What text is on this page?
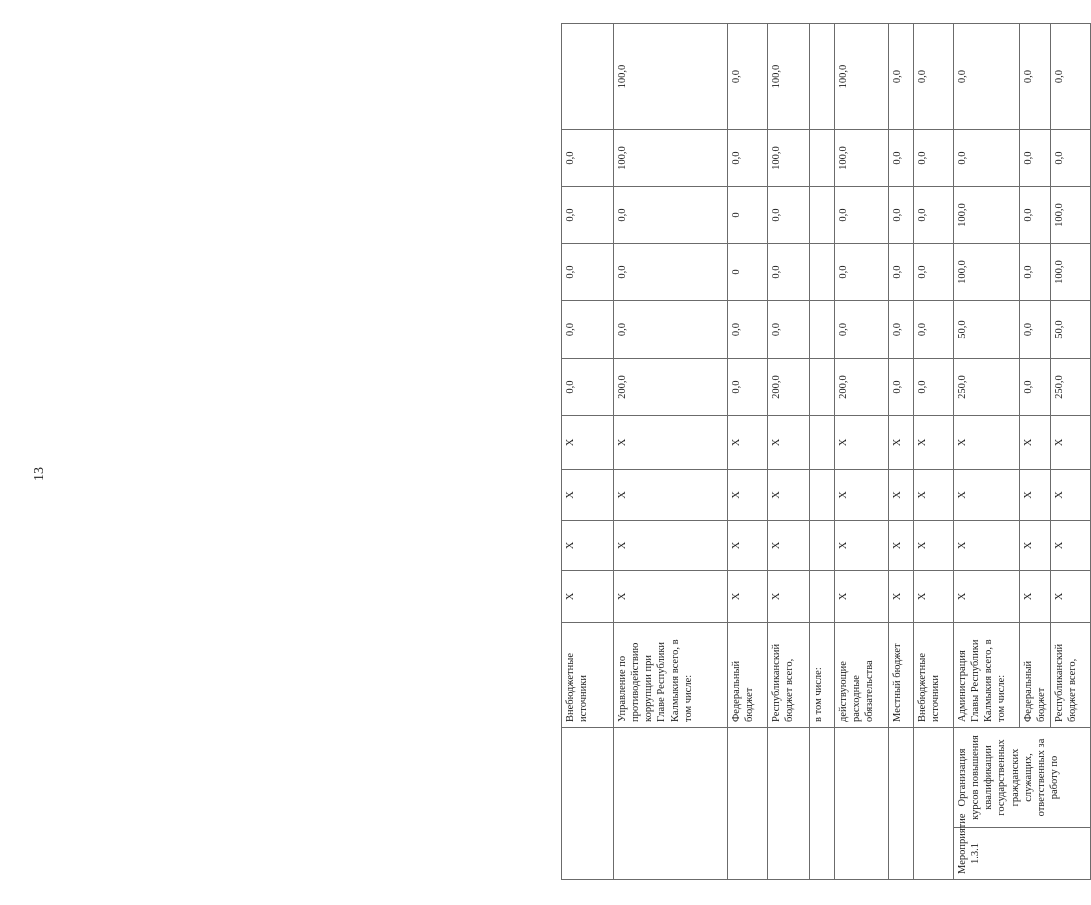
13
		Внебюджетные источники	X	X	X	X	0,0	0,0	0,0	0,0	0,0	
		Управление по противодействию коррупции при Главе Республики Калмыкия всего, в том числе:	X	X	X	X	200,0	0,0	0,0	0,0	100,0	100,0
		Федеральный бюджет	X	X	X	X	0,0	0,0	0	0	0,0	0,0
		Республиканский бюджет всего,	X	X	X	X	200,0	0,0	0,0	0,0	100,0	100,0
		в том числе:										
		действующие расходные обязательства	X	X	X	X	200,0	0,0	0,0	0,0	100,0	100,0
		Местный бюджет	X	X	X	X	0,0	0,0	0,0	0,0	0,0	0,0
		Внебюджетные источники	X	X	X	X	0,0	0,0	0,0	0,0	0,0	0,0
Мероприятие 1.3.1	Организация курсов повышения квалификации государственных гражданских служащих, ответственных за работу по	Администрация Главы Республики Калмыкия всего, в том числе:	X	X	X	X	250,0	50,0	100,0	100,0	0,0	0,0
		Федеральный бюджет	X	X	X	X	0,0	0,0	0,0	0,0	0,0	0,0
		Республиканский бюджет всего,	X	X	X	X	250,0	50,0	100,0	100,0	0,0	0,0
